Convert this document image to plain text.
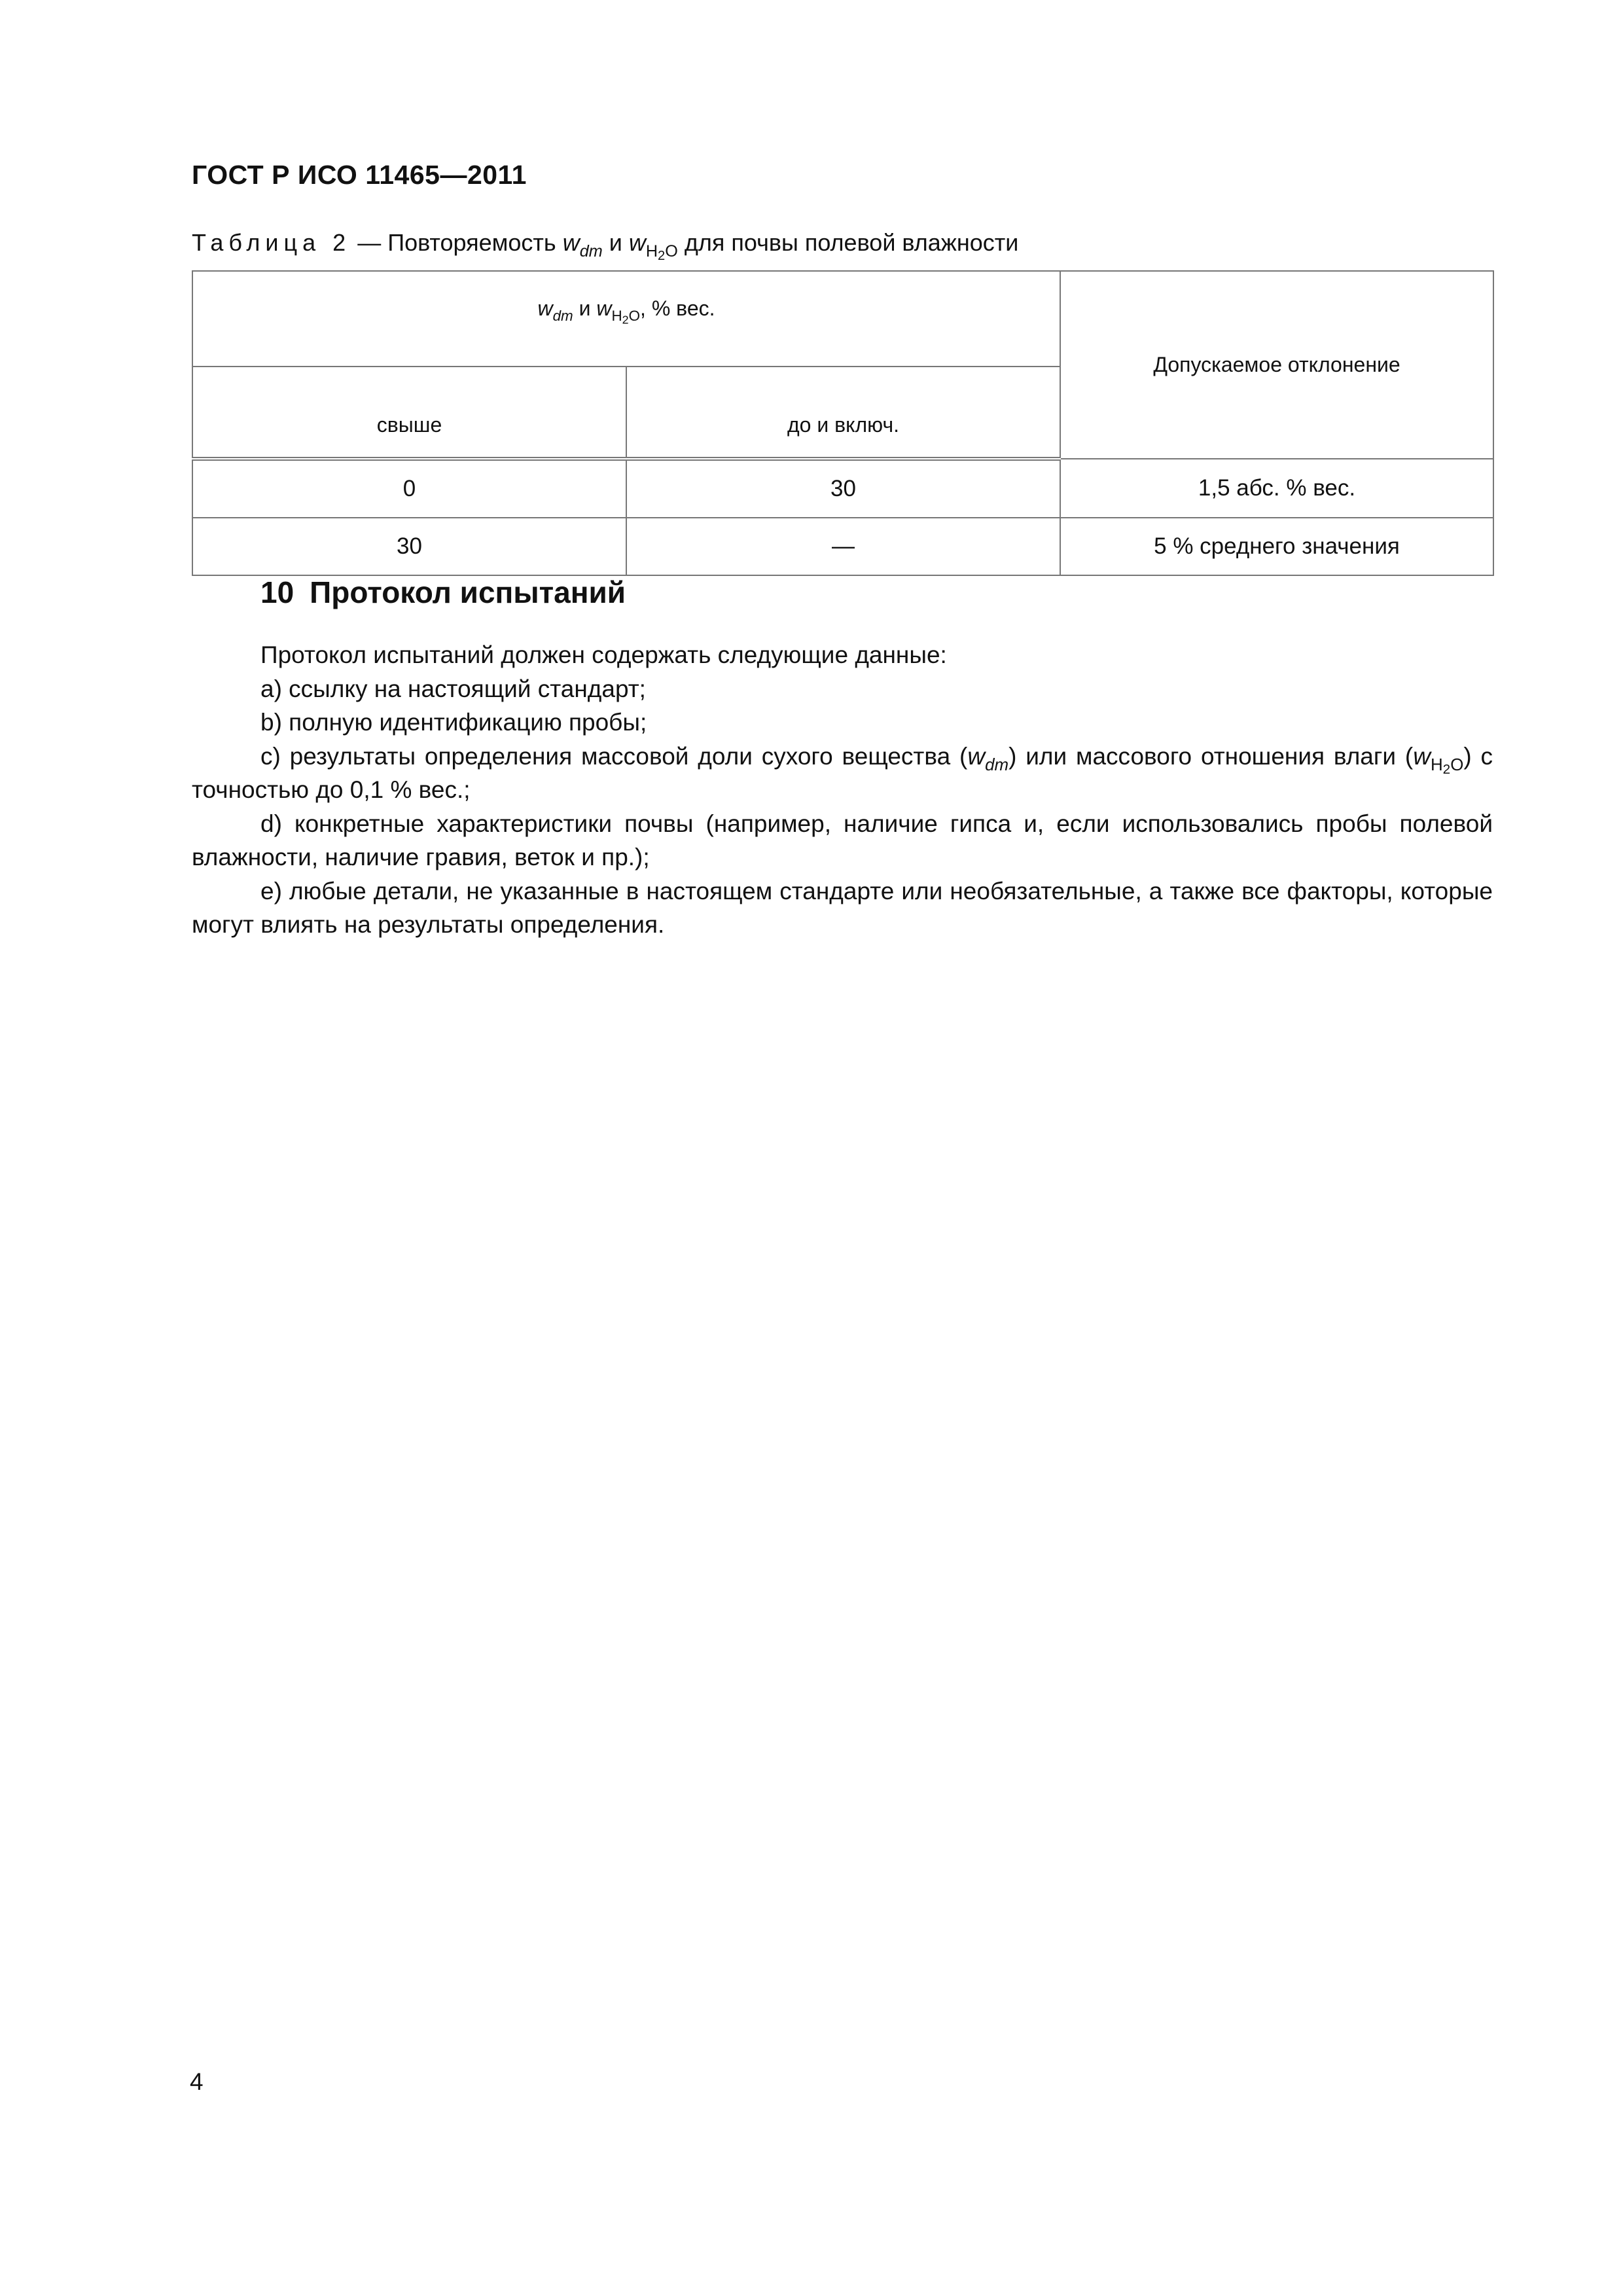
ГОСТ Р ИСО 11465—2011
Таблица 2 — Повторяемость $w_{dm}$ и $w_{H_2O}$ для почвы полевой влажности
$w_{dm}$ и $w_{H_2O}$, % вес.		Допускаемое отклонение
свыше	до и включ.	
0	30	1,5 абс. % вес.
30	—	5 % среднего значения
10 Протокол испытаний

Протокол испытаний должен содержать следующие данные:

a) ссылку на настоящий стандарт;

b) полную идентификацию пробы;

c) результаты определения массовой доли сухого вещества $(w_{dm})$ или массового отношения влаги $(w_{H_2O})$ с точностью до 0,1 % вес.;

d) конкретные характеристики почвы (например, наличие гипса и, если использовались пробы полевой влажности, наличие гравия, веток и пр.);

e) любые детали, не указанные в настоящем стандарте или необязательные, а также все факторы, которые могут влиять на результаты определения.

4
